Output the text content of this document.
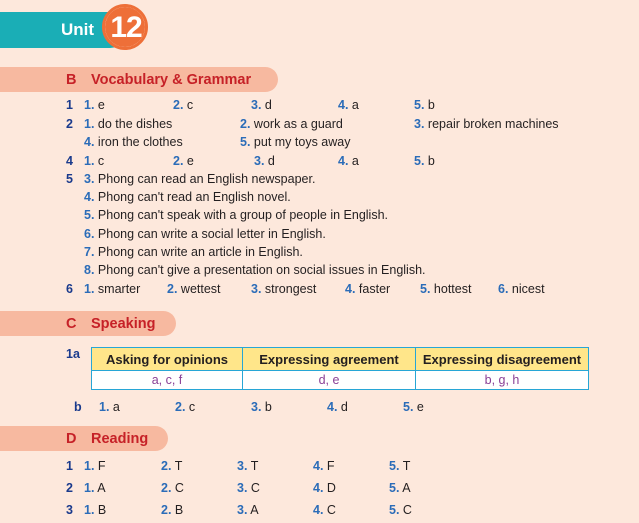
Unit 12
B Vocabulary & Grammar
1 1. e	2. c	3. d	4. a	5. b
2 1. do the dishes	2. work as a guard	3. repair broken machines
4. iron the clothes	5. put my toys away
4 1. c	2. e	3. d	4. a	5. b
5 3. Phong can read an English newspaper.
4. Phong can't read an English novel.
5. Phong can't speak with a group of people in English.
6. Phong can write a social letter in English.
7. Phong can write an article in English.
8. Phong can't give a presentation on social issues in English.
6 1. smarter 2. wettest 3. strongest 4. faster 5. hottest 6. nicest
C Speaking
1a Asking for opinions	Expressing agreement	Expressing disagreement
a, c, f	d, e	b, g, h
b 1. a	2. c	3. b	4. d	5. e
D Reading
1 1. F	2. T	3. T	4. F	5. T
2 1. A	2. C	3. C	4. D	5. A
3 1. B	2. B	3. A	4. C	5. C
